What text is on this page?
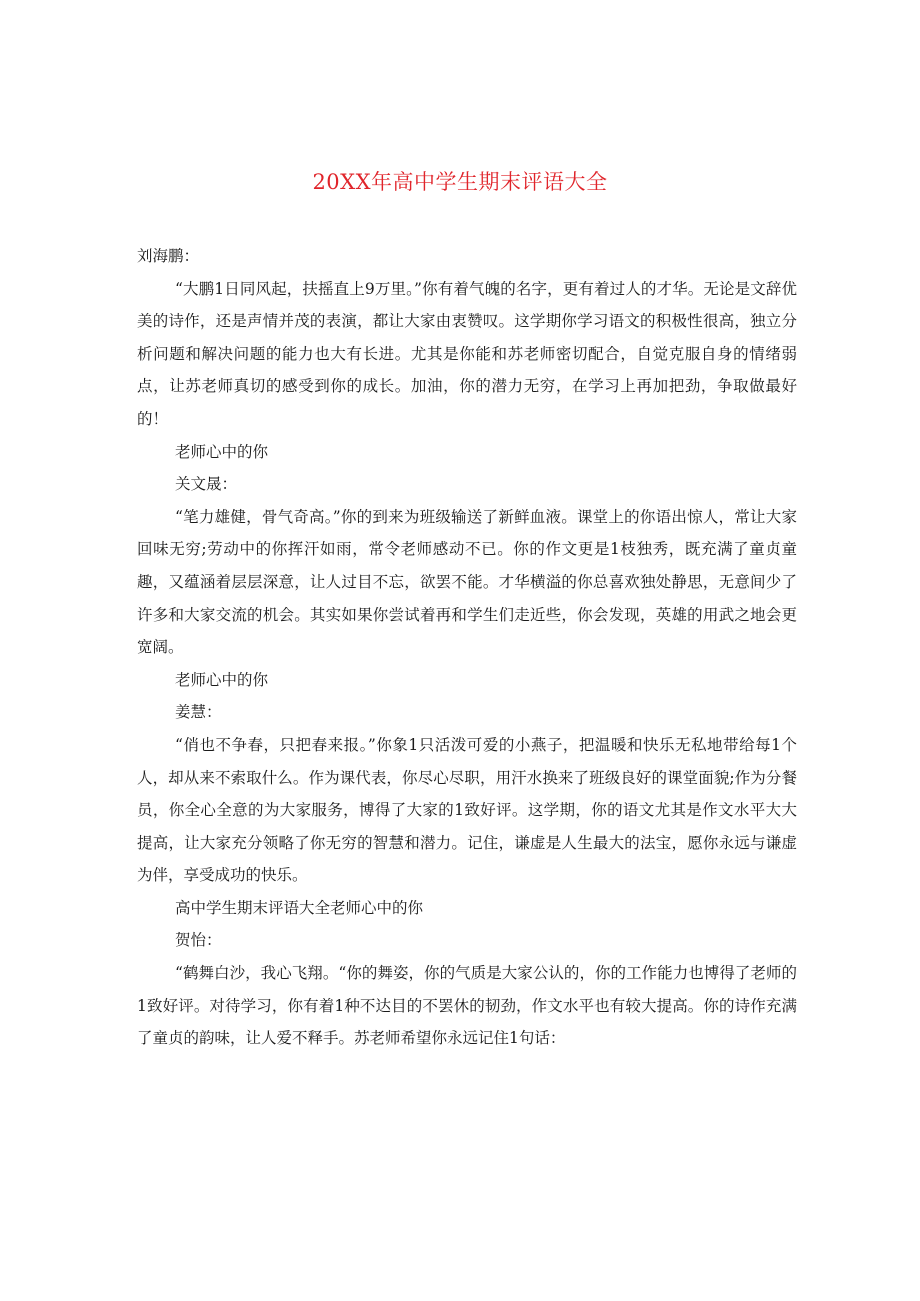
20XX年高中学生期末评语大全
刘海鹏：

“大鹏1日同风起，扶摇直上9万里。”你有着气魄的名字，更有着过人的才华。无论是文辞优美的诗作，还是声情并茂的表演，都让大家由衷赞叹。这学期你学习语文的积极性很高，独立分析问题和解决问题的能力也大有长进。尤其是你能和苏老师密切配合，自觉克服自身的情绪弱点，让苏老师真切的感受到你的成长。加油，你的潜力无穷，在学习上再加把劲，争取做最好的！

老师心中的你
关文晟：

“笔力雄健，骨气奇高。”你的到来为班级输送了新鲜血液。课堂上的你语出惊人，常让大家回味无穷;劳动中的你挥汗如雨，常令老师感动不已。你的作文更是1枝独秀，既充满了童贞童趣，又蕴涵着层层深意，让人过目不忘，欲罢不能。才华横溢的你总喜欢独处静思，无意间少了许多和大家交流的机会。其实如果你尝试着再和学生们走近些，你会发现，英雄的用武之地会更宽阔。

老师心中的你
姜慧：

“俏也不争春，只把春来报。”你象1只活泼可爱的小燕子，把温暖和快乐无私地带给每1个人，却从来不索取什么。作为课代表，你尽心尽职，用汗水换来了班级良好的课堂面貌;作为分餐员，你全心全意的为大家服务，博得了大家的1致好评。这学期，你的语文尤其是作文水平大大提高，让大家充分领略了你无穷的智慧和潜力。记住，谦虚是人生最大的法宝，愿你永远与谦虚为伴，享受成功的快乐。

高中学生期末评语大全老师心中的你
贺怡：

“鹤舞白沙，我心飞翔。“你的舞姿，你的气质是大家公认的，你的工作能力也博得了老师的1致好评。对待学习，你有着1种不达目的不罢休的韧劲，作文水平也有较大提高。你的诗作充满了童贞的韵味，让人爱不释手。苏老师希望你永远记住1句话：
